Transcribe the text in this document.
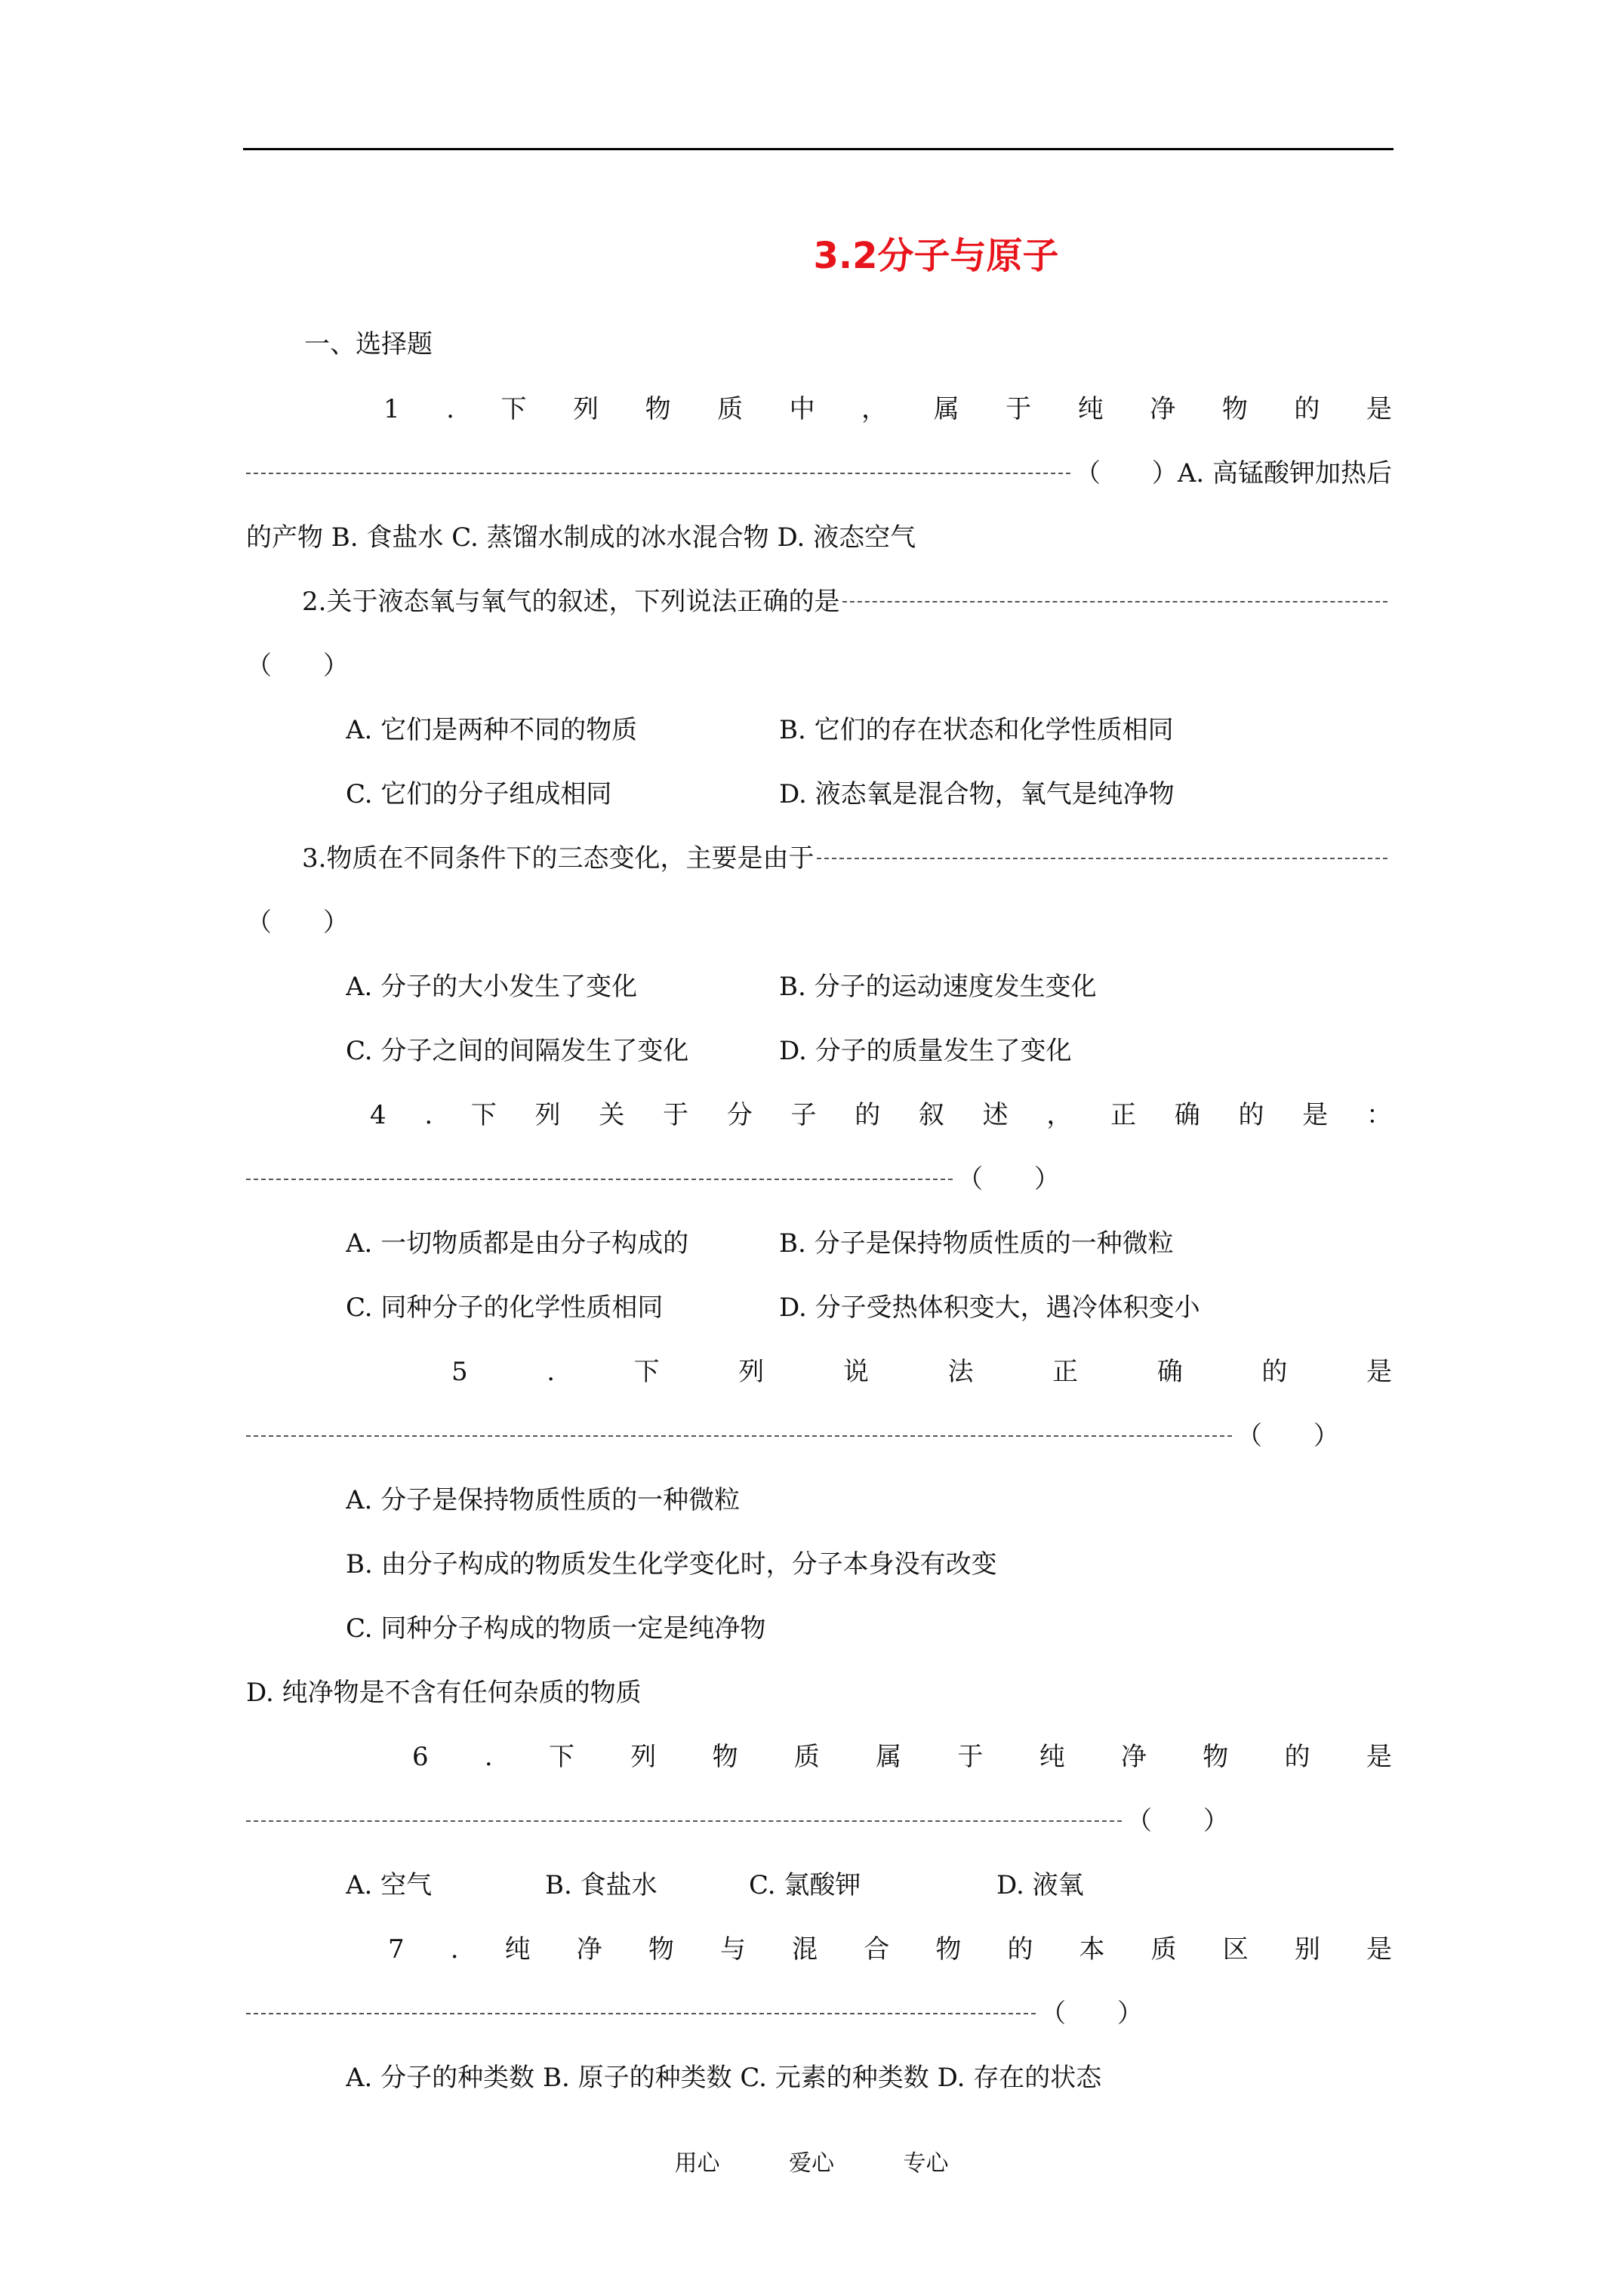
3.2分子与原子
一、选择题
1 . 下 列 物 质 中 ， 属 于 纯 净 物 的 是
（　　） A. 高锰酸钾加热后
的产物 B. 食盐水 C. 蒸馏水制成的冰水混合物 D. 液态空气
2.关于液态氧与氧气的叙述，下列说法正确的是
（　　）
A. 它们是两种不同的物质	B. 它们的存在状态和化学性质相同
C. 它们的分子组成相同	D. 液态氧是混合物，氧气是纯净物
3.物质在不同条件下的三态变化，主要是由于
（　　）
A. 分子的大小发生了变化	B. 分子的运动速度发生变化
C. 分子之间的间隔发生了变化	D. 分子的质量发生了变化
4 . 下 列 关 于 分 子 的 叙 述 ， 正 确 的 是 ：
（　　）
A. 一切物质都是由分子构成的	B. 分子是保持物质性质的一种微粒
C. 同种分子的化学性质相同	D. 分子受热体积变大，遇冷体积变小
5	.	下	列	说	法	正	确	的	是
（　　）
A. 分子是保持物质性质的一种微粒
B. 由分子构成的物质发生化学变化时，分子本身没有改变
C. 同种分子构成的物质一定是纯净物
D. 纯净物是不含有任何杂质的物质
6 . 下 列 物 质 属 于 纯 净 物 的 是
（　　）
A. 空气	B. 食盐水	C. 氯酸钾	D. 液氧
7 . 纯 净 物 与 混 合 物 的 本 质 区 别 是
（　　）
A. 分子的种类数 B. 原子的种类数 C. 元素的种类数 D. 存在的状态
用心	爱心	专心
